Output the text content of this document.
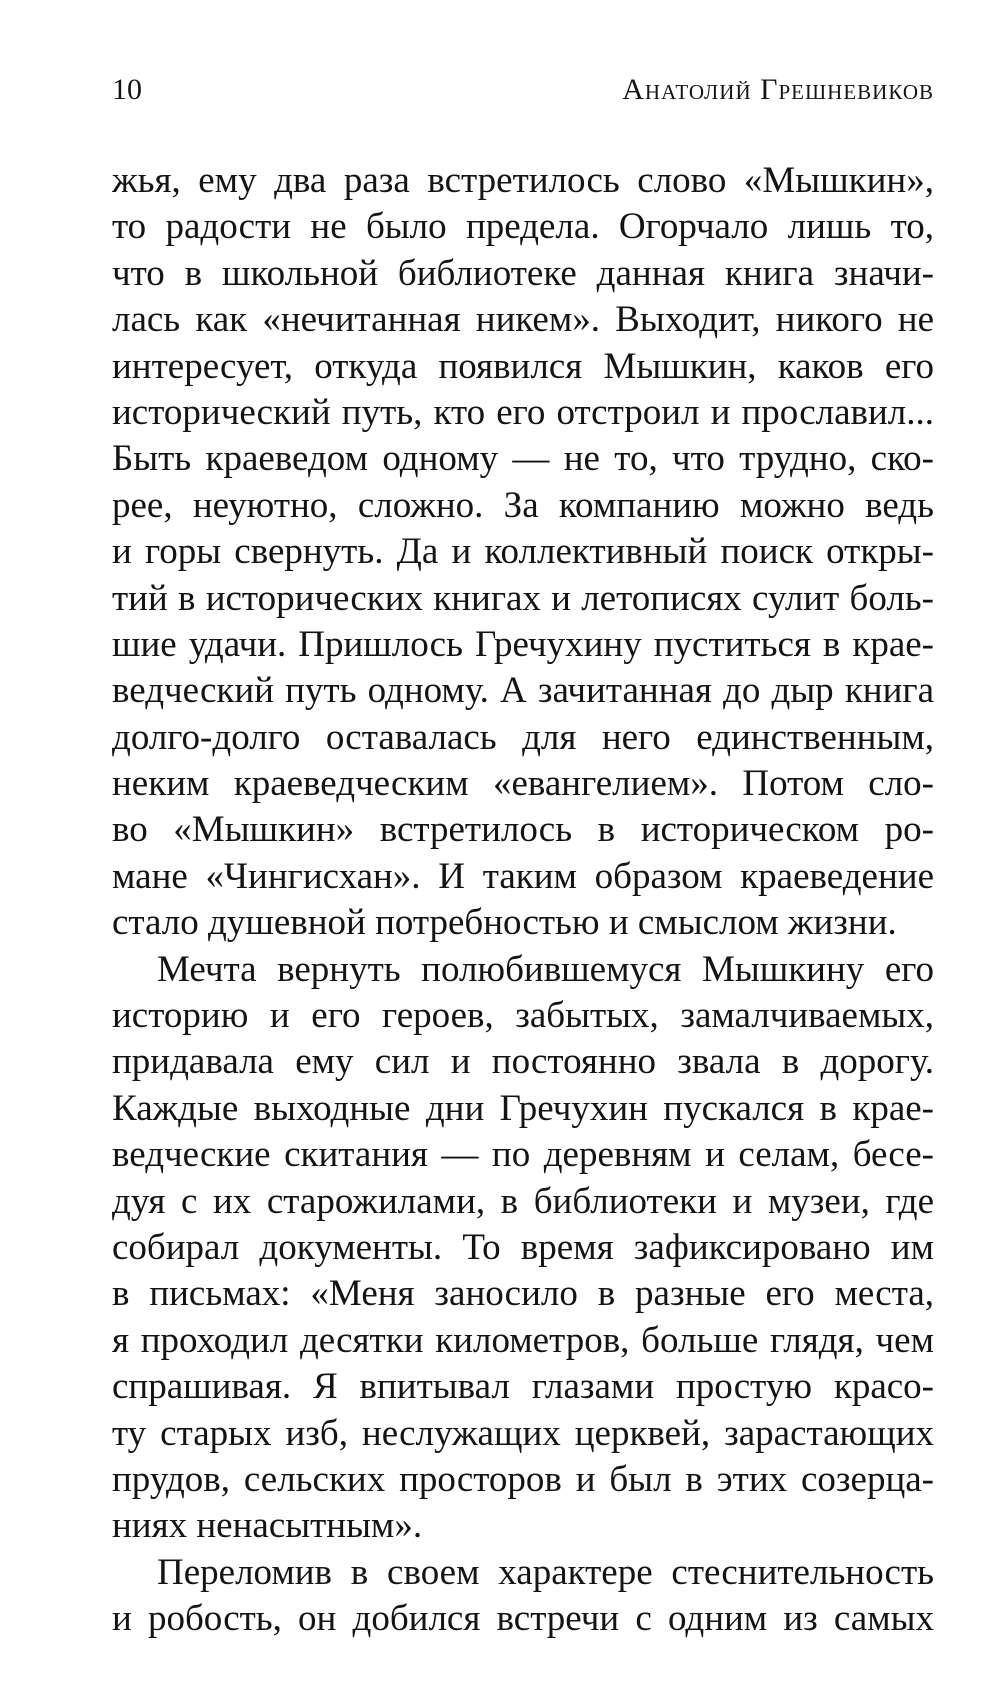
10	Анатолий Грешневиков
жья, ему два раза встретилось слово «Мышкин»,
то радости не было предела. Огорчало лишь то,
что в школьной библиотеке данная книга значи-
лась как «нечитанная никем». Выходит, никого не
интересует, откуда появился Мышкин, каков его
исторический путь, кто его отстроил и прославил...
Быть краеведом одному — не то, что трудно, ско-
рее, неуютно, сложно. За компанию можно ведь
и горы свернуть. Да и коллективный поиск откры-
тий в исторических книгах и летописях сулит боль-
шие удачи. Пришлось Гречухину пуститься в крае-
ведческий путь одному. А зачитанная до дыр книга
долго-долго оставалась для него единственным,
неким краеведческим «евангелием». Потом сло-
во «Мышкин» встретилось в историческом ро-
мане «Чингисхан». И таким образом краеведение
стало душевной потребностью и смыслом жизни.
Мечта вернуть полюбившемуся Мышкину его
историю и его героев, забытых, замалчиваемых,
придавала ему сил и постоянно звала в дорогу.
Каждые выходные дни Гречухин пускался в крае-
ведческие скитания — по деревням и селам, бесе-
дуя с их старожилами, в библиотеки и музеи, где
собирал документы. То время зафиксировано им
в письмах: «Меня заносило в разные его места,
я проходил десятки километров, больше глядя, чем
спрашивая. Я впитывал глазами простую красо-
ту старых изб, неслужащих церквей, зарастающих
прудов, сельских просторов и был в этих созерца-
ниях ненасытным».
Переломив в своем характере стеснительность
и робость, он добился встречи с одним из самых
